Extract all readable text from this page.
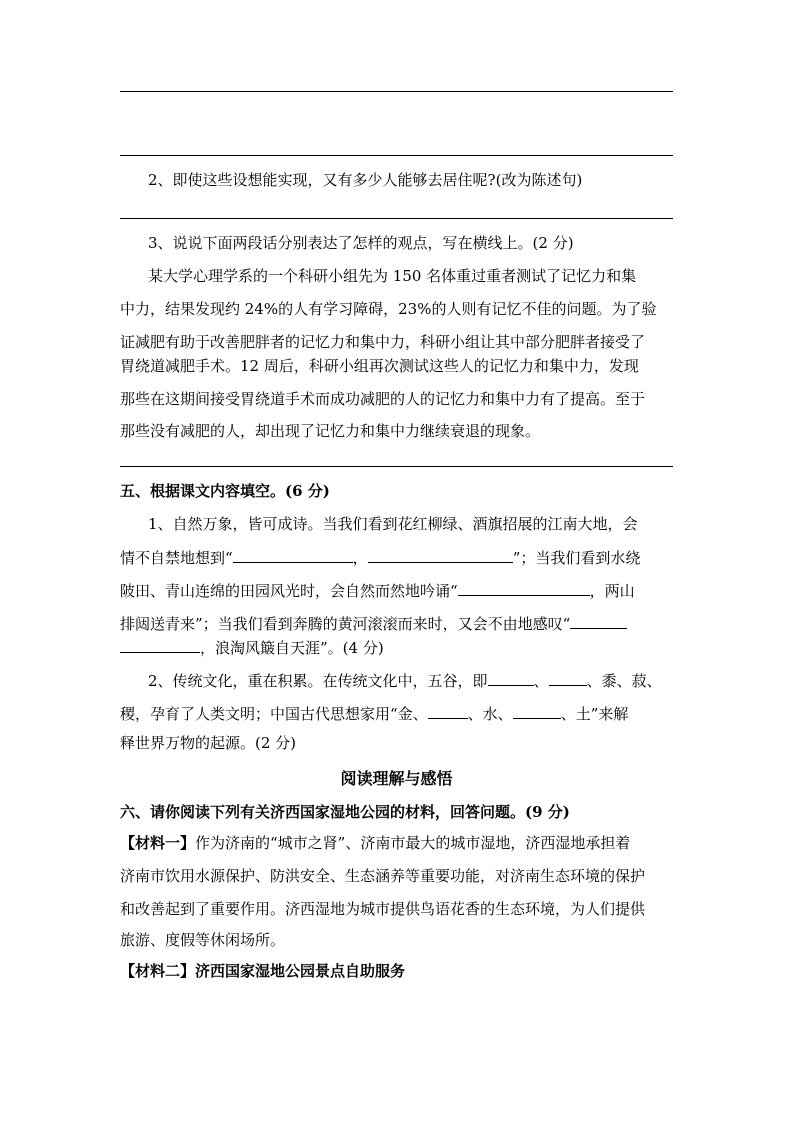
2、即使这些设想能实现，又有多少人能够去居住呢?(改为陈述句)
3、说说下面两段话分别表达了怎样的观点，写在横线上。(2 分)
某大学心理学系的一个科研小组先为 150 名体重过重者测试了记忆力和集
中力，结果发现约 24%的人有学习障碍，23%的人则有记忆不佳的问题。为了验
证减肥有助于改善肥胖者的记忆力和集中力，科研小组让其中部分肥胖者接受了
胃绕道减肥手术。12 周后，科研小组再次测试这些人的记忆力和集中力，发现
那些在这期间接受胃绕道手术而成功减肥的人的记忆力和集中力有了提高。至于
那些没有减肥的人，却出现了记忆力和集中力继续衰退的现象。
五、根据课文内容填空。(6 分)
1、自然万象，皆可成诗。当我们看到花红柳绿、酒旗招展的江南大地，会
情不自禁地想到“	，	”；当我们看到水绕
陂田、青山连绵的田园风光时，会自然而然地吟诵“	，两山
排闼送青来”；当我们看到奔腾的黄河滚滚而来时，又会不由地感叹“
，浪淘风簸自天涯”。(4 分)
2、传统文化，重在积累。在传统文化中，五谷，即	、	、黍、菽、
稷，孕育了人类文明；中国古代思想家用“金、	、水、	、土”来解
释世界万物的起源。(2 分)
阅读理解与感悟
六、请你阅读下列有关济西国家湿地公园的材料，回答问题。(9 分)
【材料一】作为济南的“城市之肾”、济南市最大的城市湿地，济西湿地承担着
济南市饮用水源保护、防洪安全、生态涵养等重要功能，对济南生态环境的保护
和改善起到了重要作用。济西湿地为城市提供鸟语花香的生态环境，为人们提供
旅游、度假等休闲场所。
【材料二】济西国家湿地公园景点自助服务
